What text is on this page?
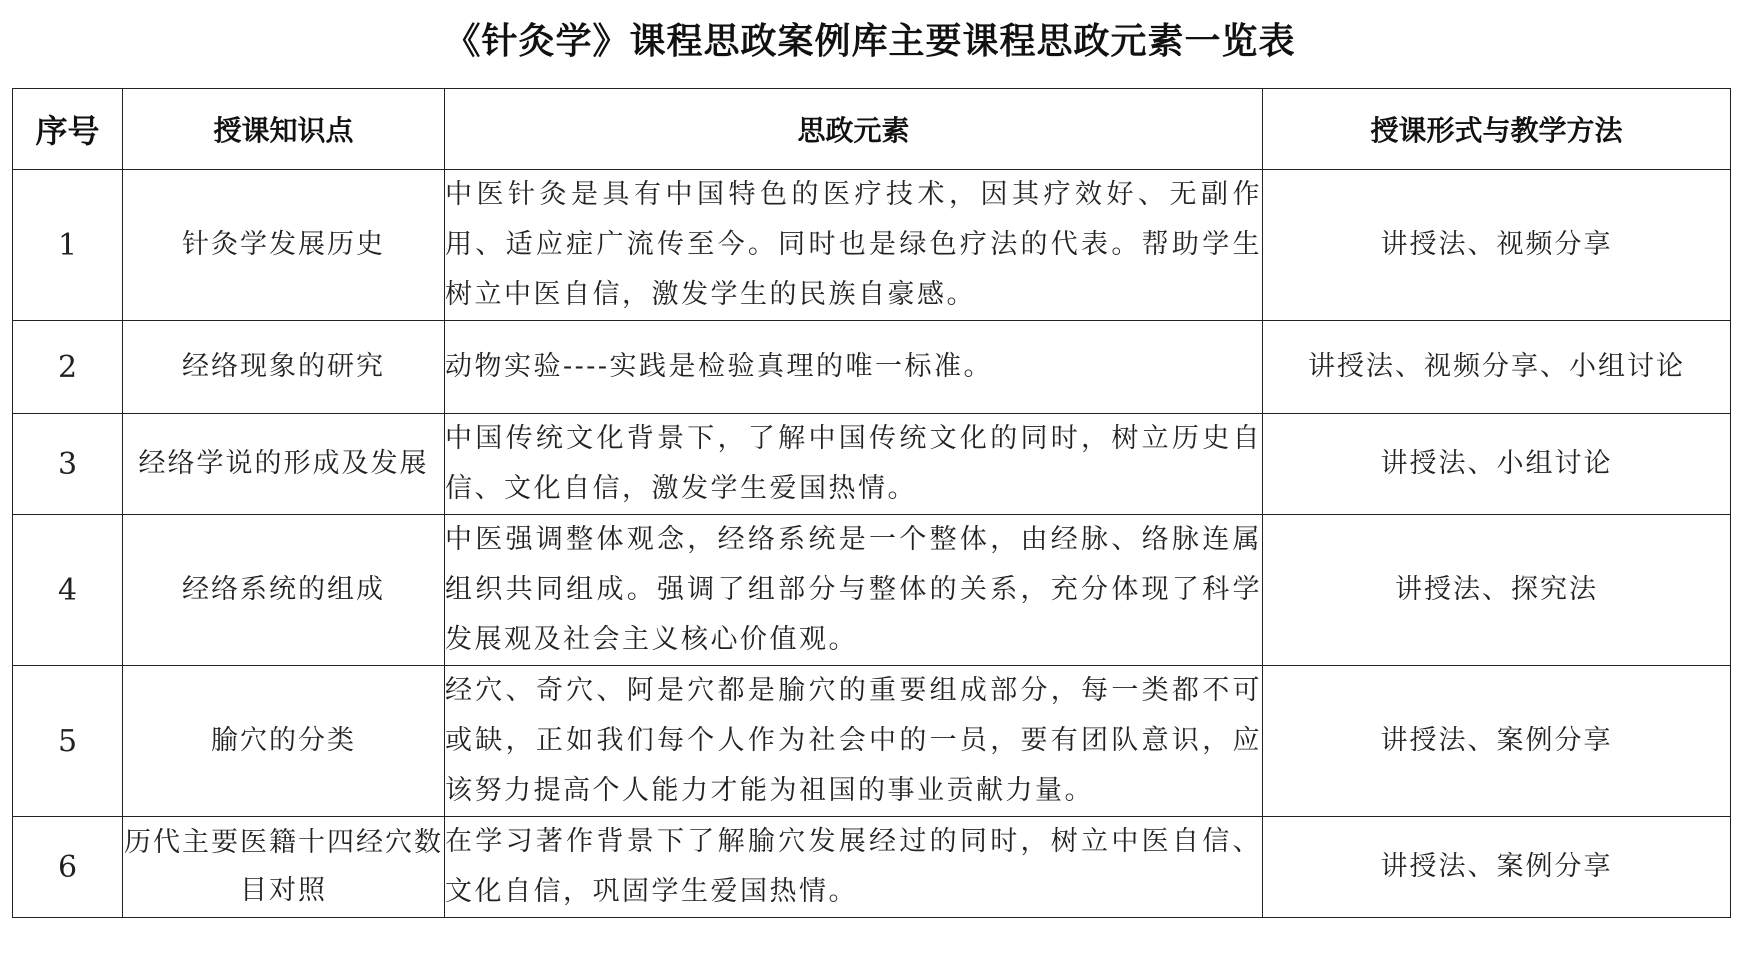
《针灸学》课程思政案例库主要课程思政元素一览表
序号	授课知识点	思政元素	授课形式与教学方法
1	针灸学发展历史	中医针灸是具有中国特色的医疗技术，因其疗效好、无副作用、适应症广流传至今。同时也是绿色疗法的代表。帮助学生树立中医自信，激发学生的民族自豪感。	讲授法、视频分享
2	经络现象的研究	动物实验----实践是检验真理的唯一标准。	讲授法、视频分享、小组讨论
3	经络学说的形成及发展	中国传统文化背景下，了解中国传统文化的同时，树立历史自信、文化自信，激发学生爱国热情。	讲授法、小组讨论
4	经络系统的组成	中医强调整体观念，经络系统是一个整体，由经脉、络脉连属组织共同组成。强调了组部分与整体的关系，充分体现了科学发展观及社会主义核心价值观。	讲授法、探究法
5	腧穴的分类	经穴、奇穴、阿是穴都是腧穴的重要组成部分，每一类都不可或缺，正如我们每个人作为社会中的一员，要有团队意识，应该努力提高个人能力才能为祖国的事业贡献力量。	讲授法、案例分享
6	历代主要医籍十四经穴数目对照	在学习著作背景下了解腧穴发展经过的同时，树立中医自信、文化自信，巩固学生爱国热情。	讲授法、案例分享
